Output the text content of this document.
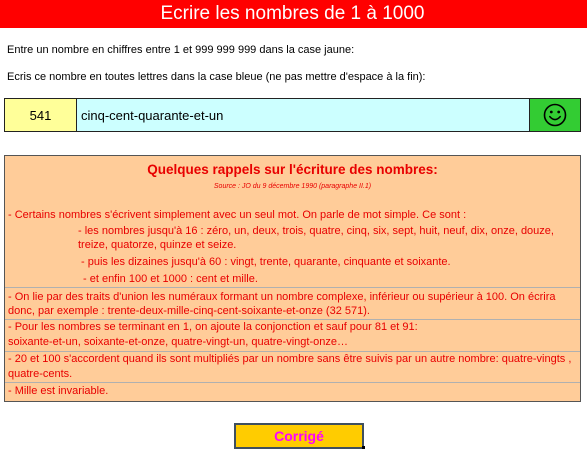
Ecrire les nombres de 1 à 1000
Entre un nombre en chiffres entre 1 et 999 999 999 dans la case jaune:
Ecris ce nombre en toutes lettres dans la case bleue (ne pas mettre d'espace à la fin):
541
cinq-cent-quarante-et-un
Quelques rappels sur l'écriture des nombres:
Source : JO du 9 décembre 1990 (paragraphe II.1)
- Certains nombres s'écrivent simplement avec un seul mot. On parle de mot simple. Ce sont :
- les nombres jusqu'à 16 : zéro, un, deux, trois, quatre, cinq, six, sept, huit, neuf, dix, onze, douze,
treize, quatorze, quinze et seize.
- puis les dizaines jusqu'à 60 : vingt, trente, quarante, cinquante et soixante.
- et enfin 100 et 1000 : cent et mille.
- On lie par des traits d'union les numéraux formant un nombre complexe, inférieur ou supérieur à 100. On écrira
donc, par exemple : trente-deux-mille-cinq-cent-soixante-et-onze (32 571).
- Pour les nombres se terminant en 1, on ajoute la conjonction et sauf pour 81 et 91:
soixante-et-un, soixante-et-onze, quatre-vingt-un, quatre-vingt-onze…
- 20 et 100 s'accordent quand ils sont multipliés par un nombre sans être suivis par un autre nombre: quatre-vingts ,
quatre-cents.
- Mille est invariable.
Corrigé
